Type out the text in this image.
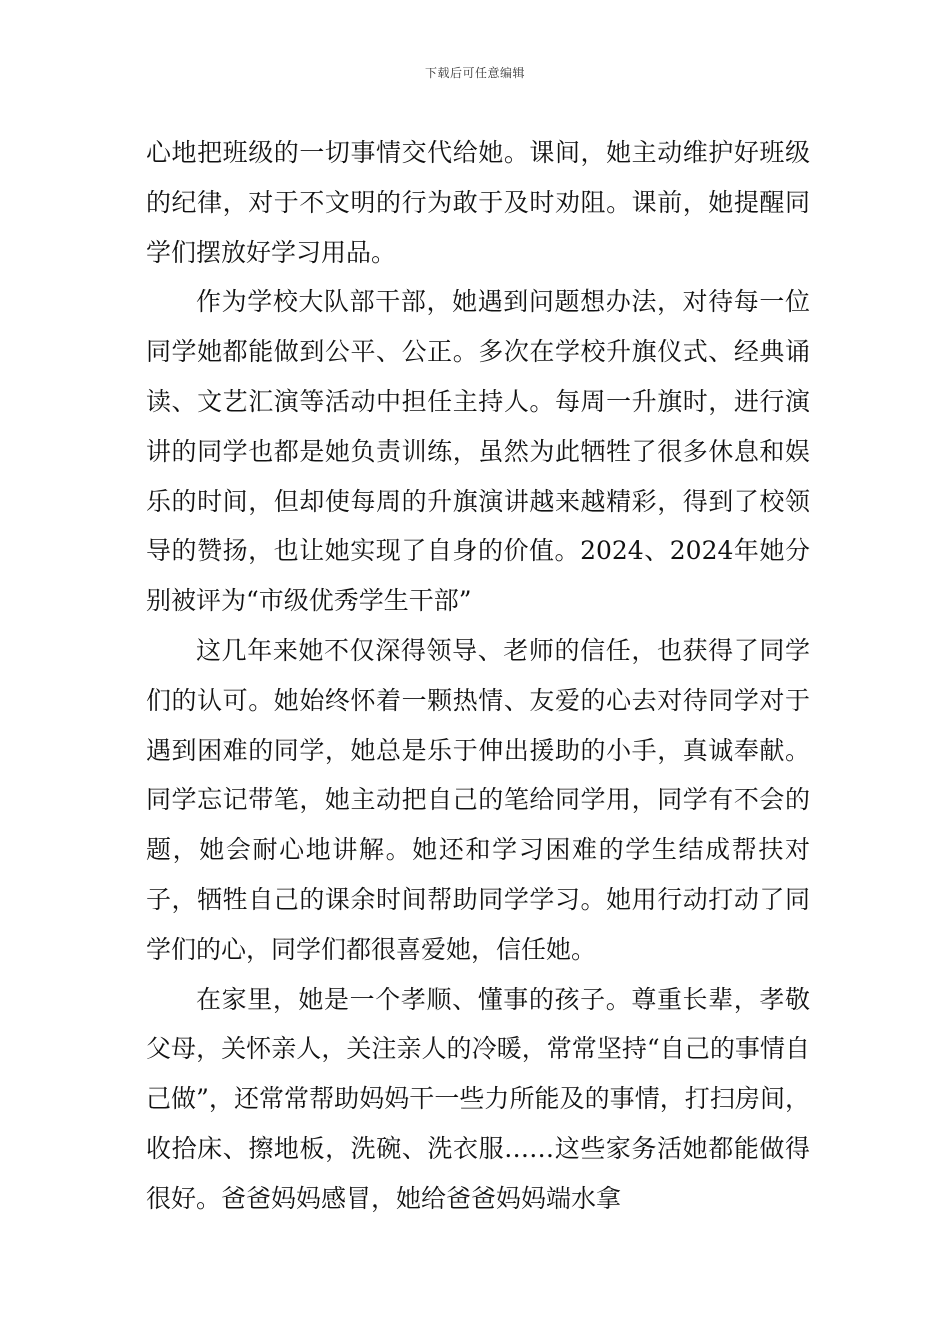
下载后可任意编辑

心地把班级的一切事情交代给她。课间，她主动维护好班级的纪律，对于不文明的行为敢于及时劝阻。课前，她提醒同学们摆放好学习用品。

作为学校大队部干部，她遇到问题想办法，对待每一位同学她都能做到公平、公正。多次在学校升旗仪式、经典诵读、文艺汇演等活动中担任主持人。每周一升旗时，进行演讲的同学也都是她负责训练，虽然为此牺牲了很多休息和娱乐的时间，但却使每周的升旗演讲越来越精彩，得到了校领导的赞扬，也让她实现了自身的价值。2024、2024年她分别被评为“市级优秀学生干部”

这几年来她不仅深得领导、老师的信任，也获得了同学们的认可。她始终怀着一颗热情、友爱的心去对待同学对于遇到困难的同学，她总是乐于伸出援助的小手，真诚奉献。同学忘记带笔，她主动把自己的笔给同学用，同学有不会的题，她会耐心地讲解。她还和学习困难的学生结成帮扶对子，牺牲自己的课余时间帮助同学学习。她用行动打动了同学们的心，同学们都很喜爱她，信任她。

在家里，她是一个孝顺、懂事的孩子。尊重长辈，孝敬父母，关怀亲人，关注亲人的冷暖，常常坚持“自己的事情自己做”，还常常帮助妈妈干一些力所能及的事情，打扫房间，收拾床、擦地板，洗碗、洗衣服……这些家务活她都能做得很好。爸爸妈妈感冒，她给爸爸妈妈端水拿
